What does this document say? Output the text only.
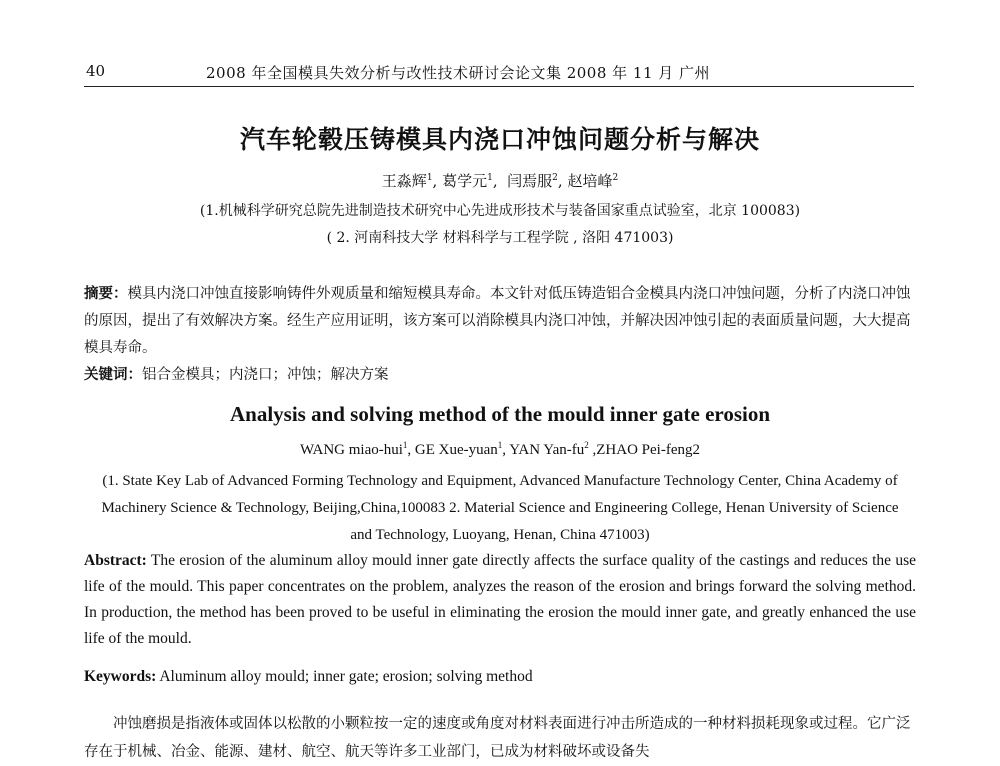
40	2008 年全国模具失效分析与改性技术研讨会论文集 2008 年 11 月 广州
汽车轮毂压铸模具内浇口冲蚀问题分析与解决
王淼辉$^1$, 葛学元$^1$,  闫焉服$^2$, 赵培峰$^2$
(1.机械科学研究总院先进制造技术研究中心先进成形技术与装备国家重点试验室，北京 100083)
( 2. 河南科技大学 材料科学与工程学院 , 洛阳 471003)
摘要：模具内浇口冲蚀直接影响铸件外观质量和缩短模具寿命。本文针对低压铸造铝合金模具内浇口冲蚀问题，分析了内浇口冲蚀的原因，提出了有效解决方案。经生产应用证明，该方案可以消除模具内浇口冲蚀，并解决因冲蚀引起的表面质量问题，大大提高模具寿命。
关键词：铝合金模具；内浇口；冲蚀；解决方案
Analysis and solving method of the mould inner gate erosion
WANG miao-hui$^1$, GE Xue-yuan$^1$, YAN Yan-$fu^2$ ,ZHAO Pei-feng2
(1. State Key Lab of Advanced Forming Technology and Equipment, Advanced Manufacture Technology Center, China Academy of Machinery Science & Technology, Beijing,China,100083 2. Material Science and Engineering College, Henan University of Science and Technology, Luoyang, Henan, China 471003)
Abstract: The erosion of the aluminum alloy mould inner gate directly affects the surface quality of the castings and reduces the use life of the mould. This paper concentrates on the problem, analyzes the reason of the erosion and brings forward the solving method. In production, the method has been proved to be useful in eliminating the erosion the mould inner gate, and greatly enhanced the use life of the mould.
Keywords: Aluminum alloy mould; inner gate; erosion; solving method
冲蚀磨损是指液体或固体以松散的小颗粒按一定的速度或角度对材料表面进行冲击所造成的一种材料损耗现象或过程。它广泛存在于机械、冶金、能源、建材、航空、航天等许多工业部门，已成为材料破坏或设备失
